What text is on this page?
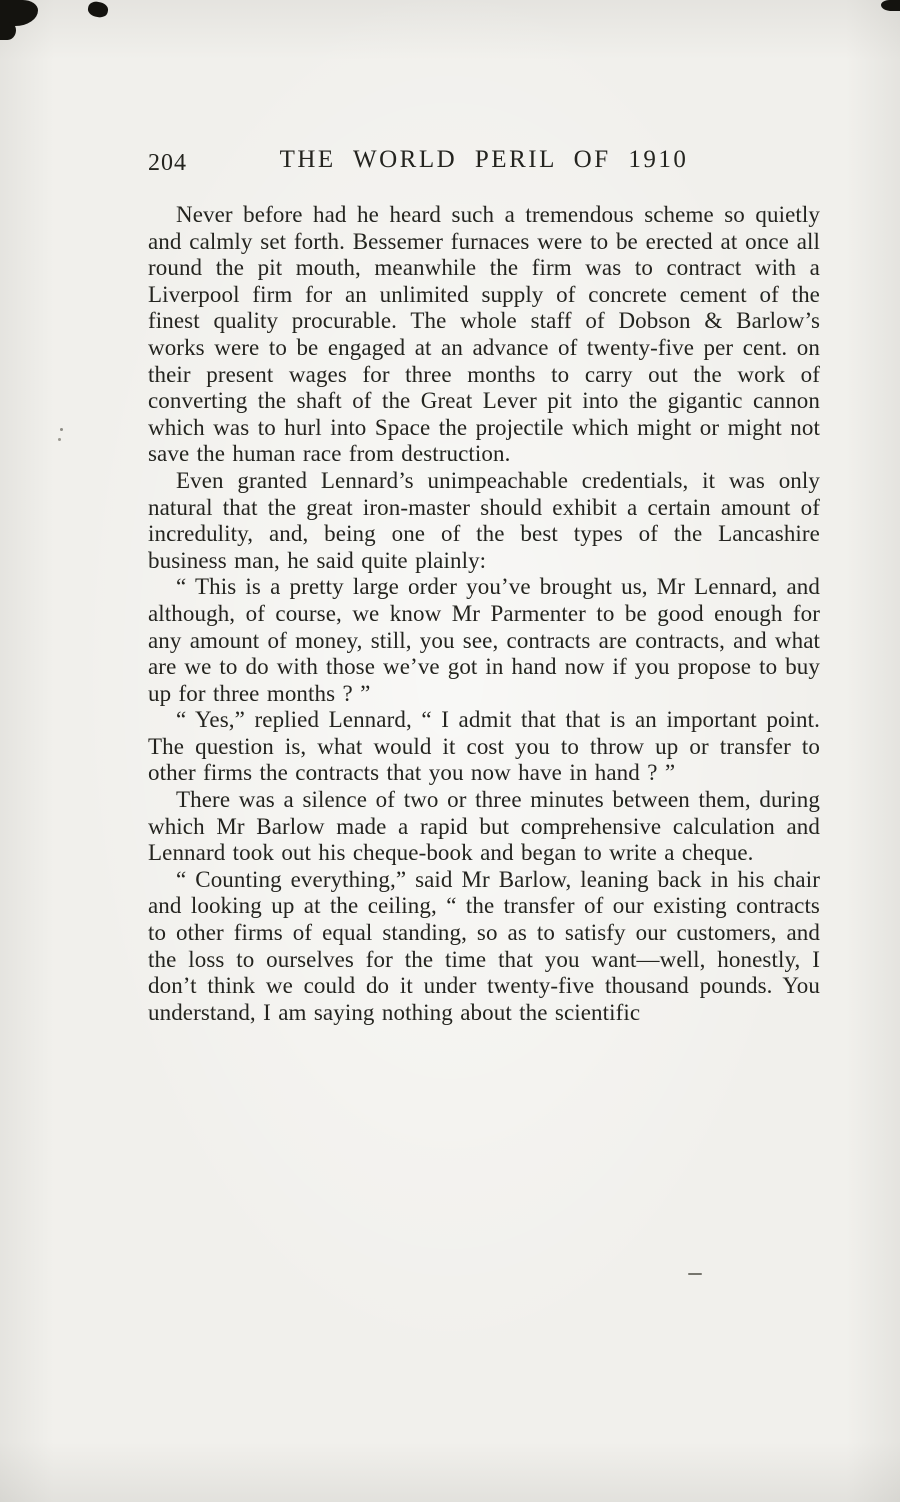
204	THE WORLD PERIL OF 1910

Never before had he heard such a tremendous scheme so quietly and calmly set forth. Bessemer furnaces were to be erected at once all round the pit mouth, meanwhile the firm was to contract with a Liverpool firm for an unlimited supply of concrete cement of the finest quality procurable. The whole staff of Dobson & Barlow’s works were to be engaged at an advance of twenty-five per cent. on their present wages for three months to carry out the work of converting the shaft of the Great Lever pit into the gigantic cannon which was to hurl into Space the projectile which might or might not save the human race from destruction.

Even granted Lennard’s unimpeachable credentials, it was only natural that the great iron-master should exhibit a certain amount of incredulity, and, being one of the best types of the Lancashire business man, he said quite plainly:

“ This is a pretty large order you’ve brought us, Mr Lennard, and although, of course, we know Mr Parmenter to be good enough for any amount of money, still, you see, contracts are contracts, and what are we to do with those we’ve got in hand now if you propose to buy up for three months ? ”

“ Yes,” replied Lennard, “ I admit that that is an important point. The question is, what would it cost you to throw up or transfer to other firms the contracts that you now have in hand ? ”

There was a silence of two or three minutes between them, during which Mr Barlow made a rapid but comprehensive calculation and Lennard took out his cheque-book and began to write a cheque.

“ Counting everything,” said Mr Barlow, leaning back in his chair and looking up at the ceiling, “ the transfer of our existing contracts to other firms of equal standing, so as to satisfy our customers, and the loss to ourselves for the time that you want—well, honestly, I don’t think we could do it under twenty-five thousand pounds. You understand, I am saying nothing about the scientific
